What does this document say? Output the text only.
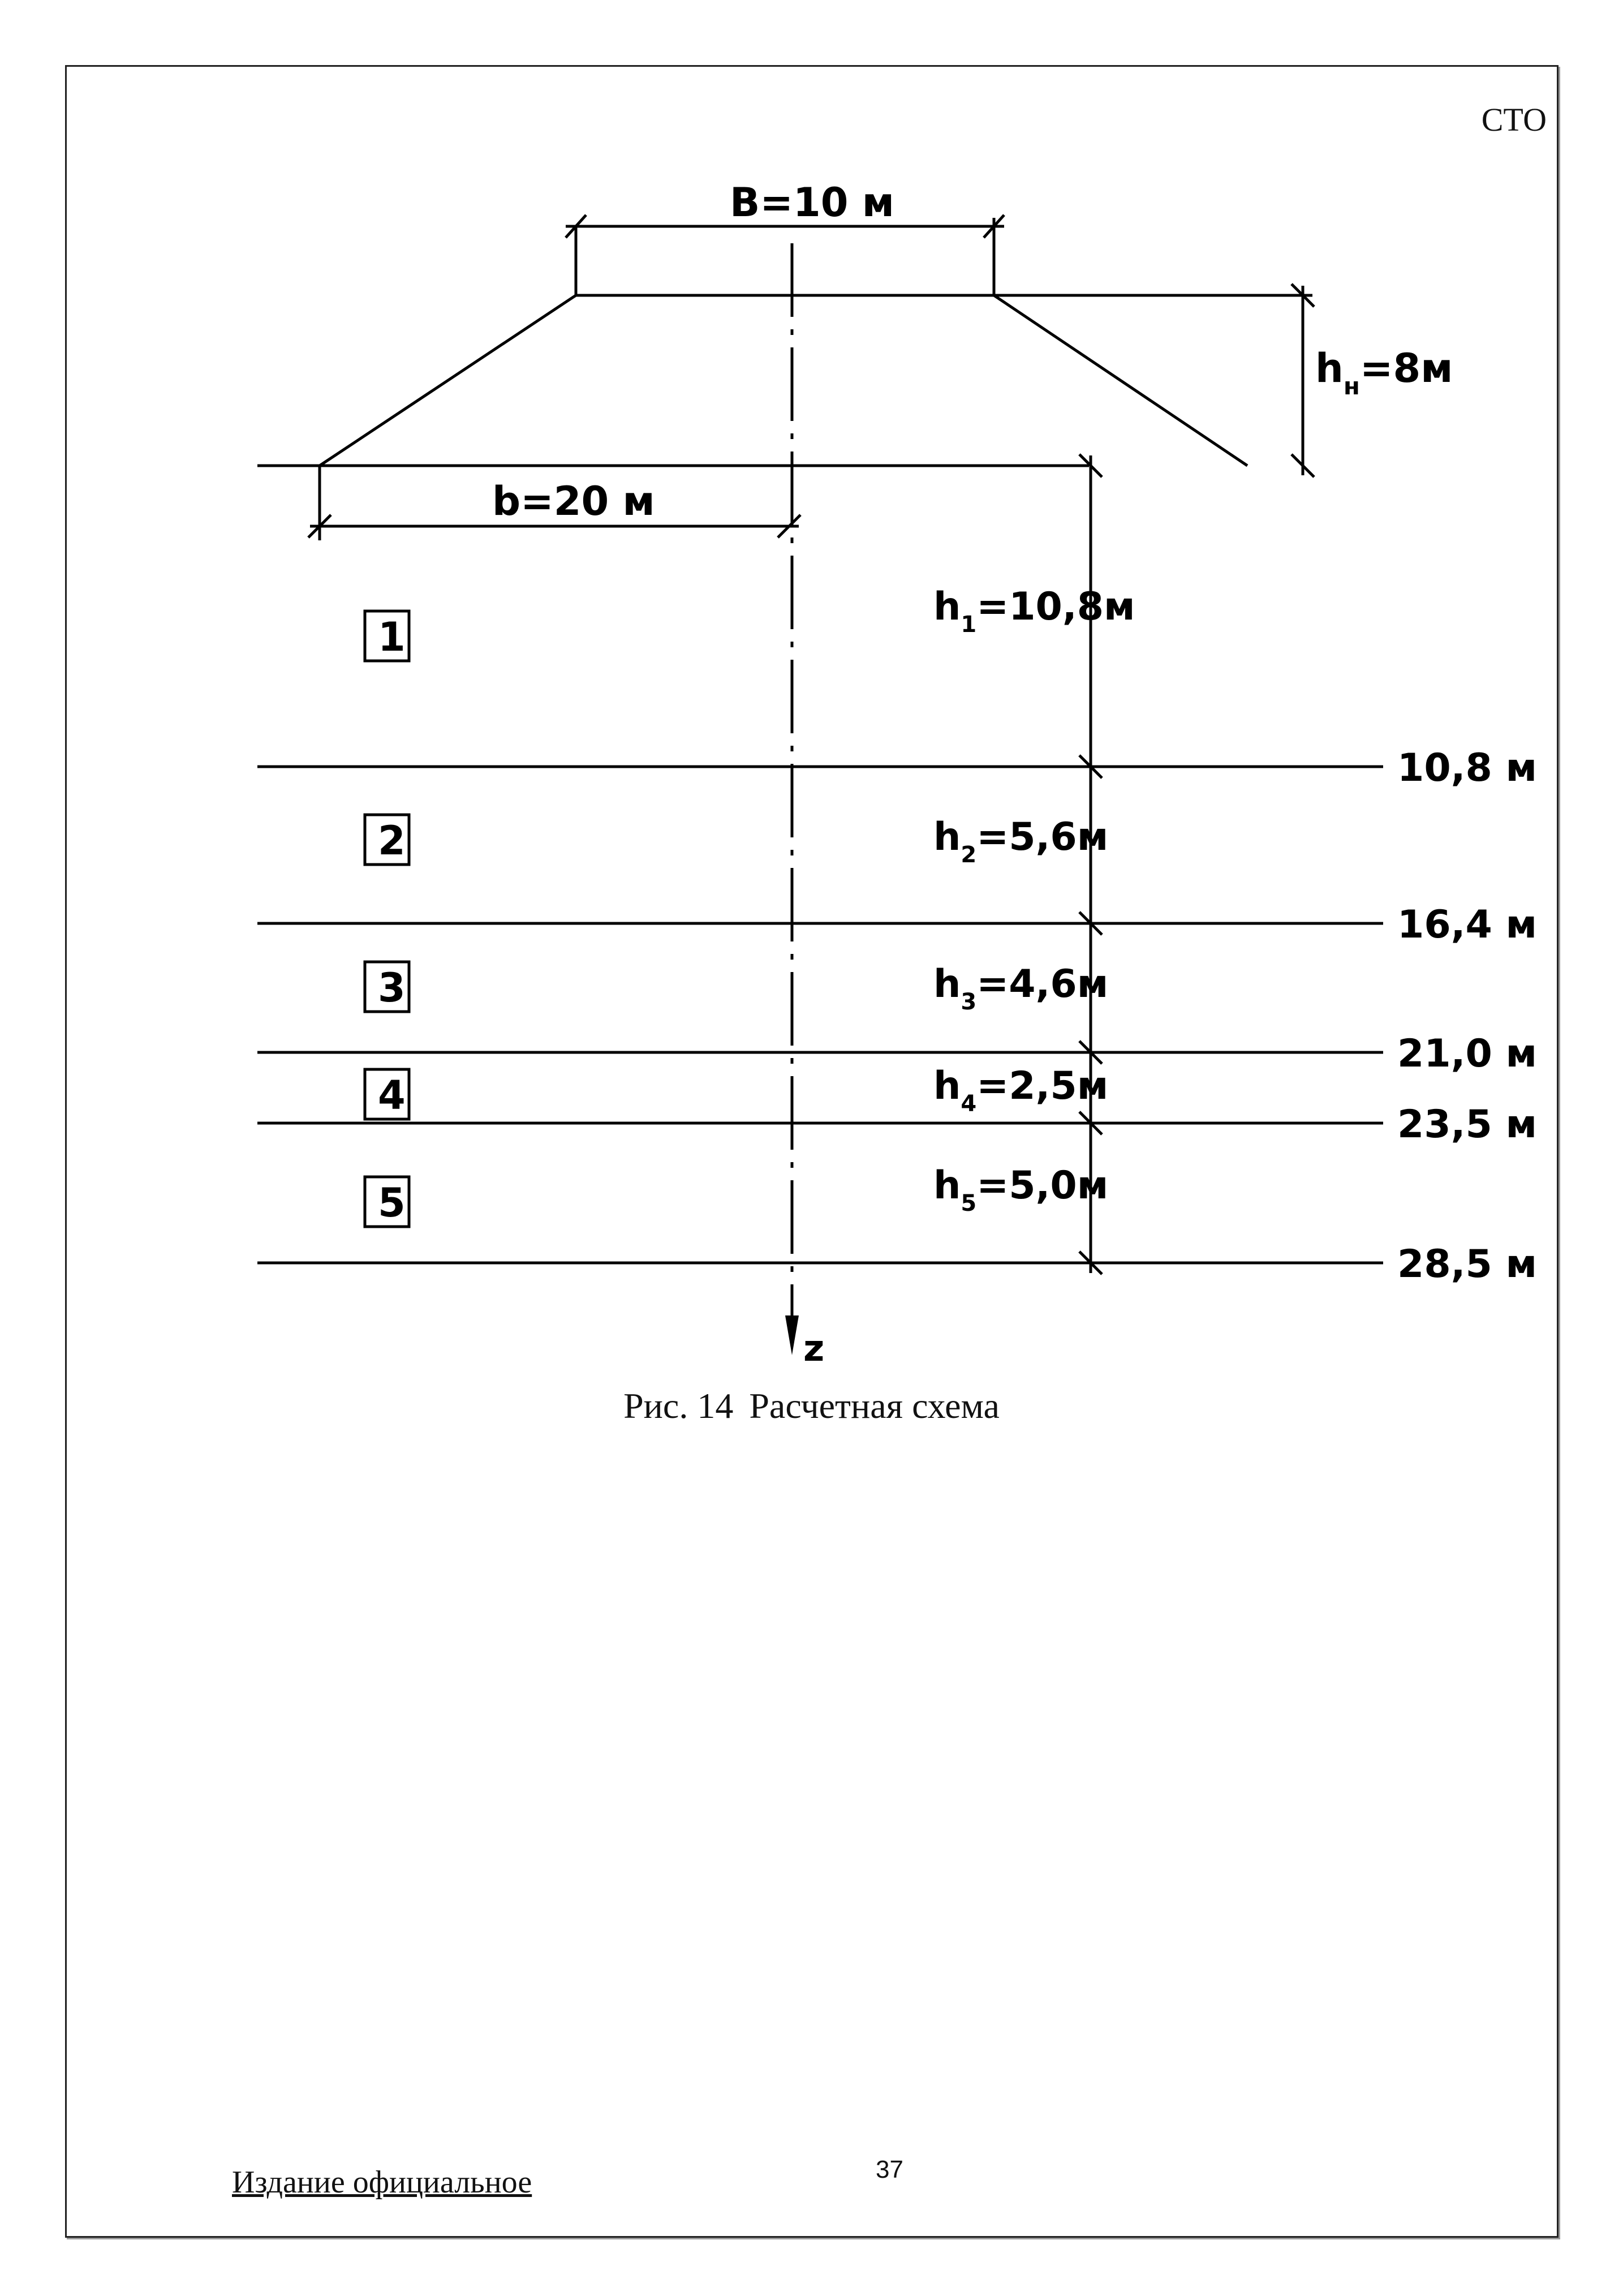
СТО
B=10 м
b=20 м
$h_н=8м$
z
1
2
3
4
5
$h_1=10,8м$
$h_2=5,6м$
$h_3=4,6м$
$h_4=2,5м$
$h_5=5,0м$
10,8 м
16,4 м
21,0 м
23,5 м
28,5 м
Рис. 14 Расчетная схема
Издание официальное	37
